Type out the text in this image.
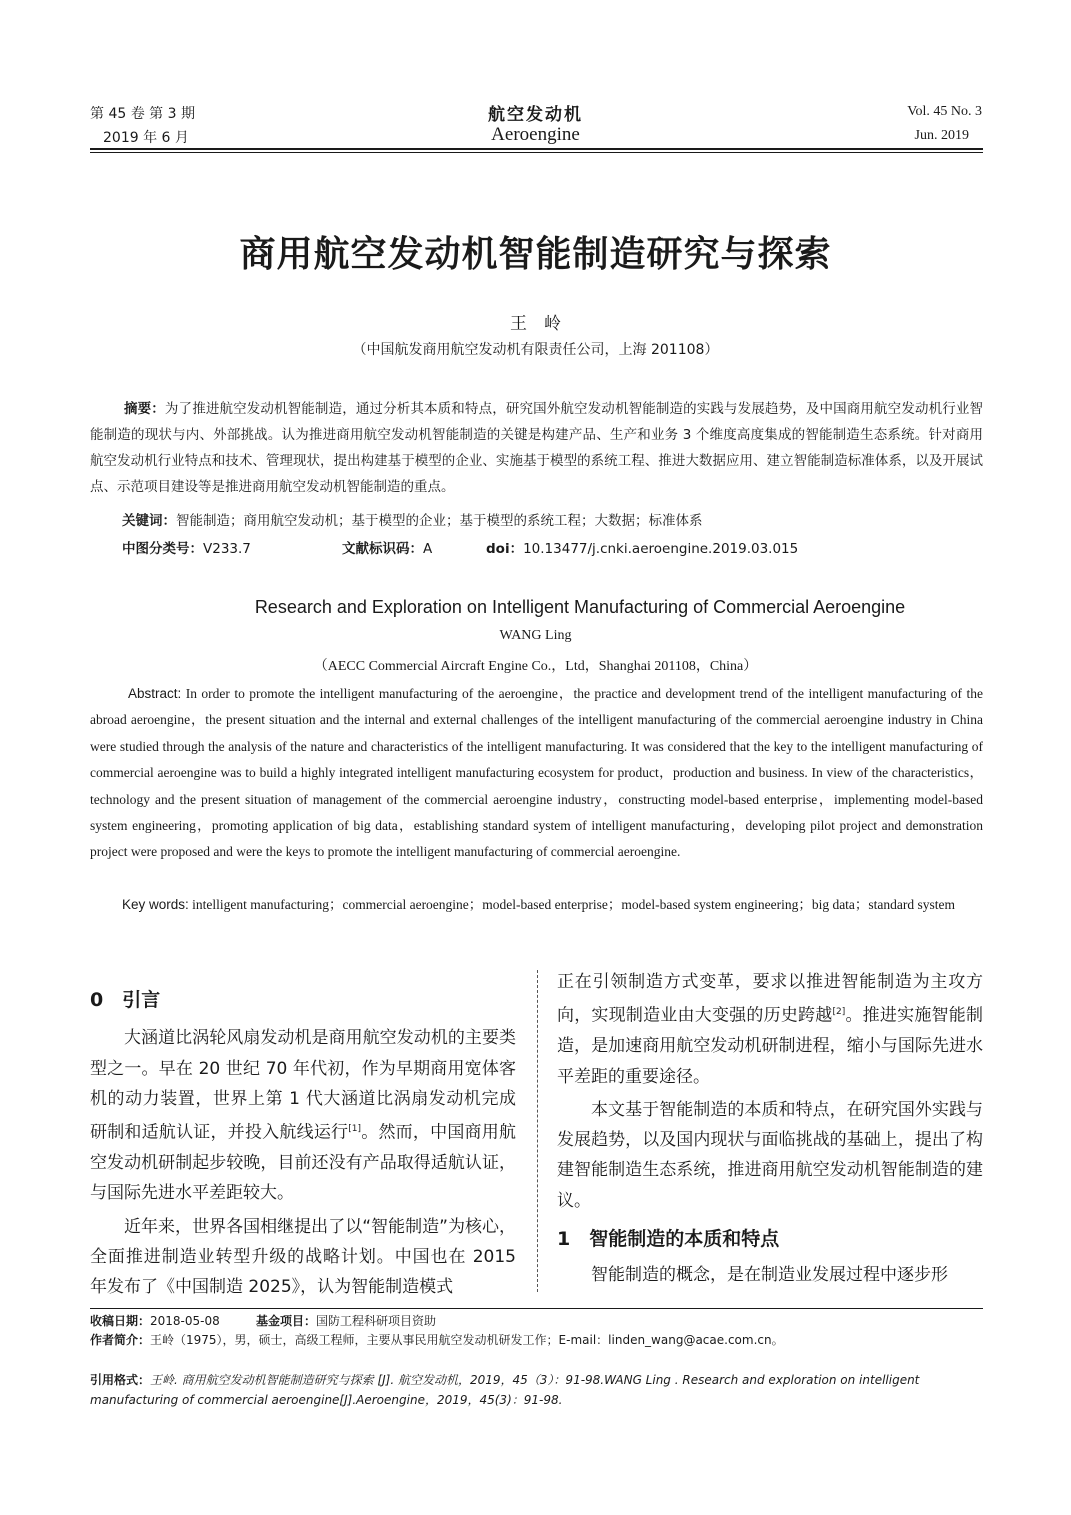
第 45 卷 第 3 期
2019 年 6 月
航空发动机
Aeroengine
Vol. 45 No. 3
Jun. 2019
商用航空发动机智能制造研究与探索
王　岭
（中国航发商用航空发动机有限责任公司，上海 201108）

摘要：为了推进航空发动机智能制造，通过分析其本质和特点，研究国外航空发动机智能制造的实践与发展趋势，及中国商用航空发动机行业智能制造的现状与内、外部挑战。认为推进商用航空发动机智能制造的关键是构建产品、生产和业务 3 个维度高度集成的智能制造生态系统。针对商用航空发动机行业特点和技术、管理现状，提出构建基于模型的企业、实施基于模型的系统工程、推进大数据应用、建立智能制造标准体系，以及开展试点、示范项目建设等是推进商用航空发动机智能制造的重点。

关键词：智能制造；商用航空发动机；基于模型的企业；基于模型的系统工程；大数据；标准体系
中图分类号：V233.7	文献标识码：A	doi：10.13477/j.cnki.aeroengine.2019.03.015
Research and Exploration on Intelligent Manufacturing of Commercial Aeroengine
WANG Ling
（AECC Commercial Aircraft Engine Co.，Ltd，Shanghai 201108，China）

Abstract: In order to promote the intelligent manufacturing of the aeroengine，the practice and development trend of the intelligent manufacturing of the abroad aeroengine，the present situation and the internal and external challenges of the intelligent manufacturing of the commercial aeroengine industry in China were studied through the analysis of the nature and characteristics of the intelligent manufacturing. It was considered that the key to the intelligent manufacturing of commercial aeroengine was to build a highly integrated intelligent manufacturing ecosystem for product，production and business. In view of the characteristics， technology and the present situation of management of the commercial aeroengine industry，constructing model-based enterprise，implementing model-based system engineering，promoting application of big data，establishing standard system of intelligent manufacturing，developing pilot project and demonstration project were proposed and were the keys to promote the intelligent manufacturing of commercial aeroengine.

Key words: intelligent manufacturing；commercial aeroengine；model-based enterprise；model-based system engineering；big data；standard system

0　引言

大涵道比涡轮风扇发动机是商用航空发动机的主要类型之一。早在 20 世纪 70 年代初，作为早期商用宽体客机的动力装置，世界上第 1 代大涵道比涡扇发动机完成研制和适航认证，并投入航线运行[1]。然而，中国商用航空发动机研制起步较晚，目前还没有产品取得适航认证，与国际先进水平差距较大。

近年来，世界各国相继提出了以“智能制造”为核心，全面推进制造业转型升级的战略计划。中国也在 2015 年发布了《中国制造 2025》，认为智能制造模式

正在引领制造方式变革，要求以推进智能制造为主攻方向，实现制造业由大变强的历史跨越[2]。推进实施智能制造，是加速商用航空发动机研制进程，缩小与国际先进水平差距的重要途径。

本文基于智能制造的本质和特点，在研究国外实践与发展趋势，以及国内现状与面临挑战的基础上，提出了构建智能制造生态系统，推进商用航空发动机智能制造的建议。

1　智能制造的本质和特点

智能制造的概念，是在制造业发展过程中逐步形

收稿日期：2018-05-08	基金项目：国防工程科研项目资助
作者简介：王岭（1975），男，硕士，高级工程师，主要从事民用航空发动机研发工作；E-mail：linden_wang@acae.com.cn。
引用格式：王岭. 商用航空发动机智能制造研究与探索 [J]. 航空发动机，2019，45（3）：91-98.WANG Ling . Research and exploration on intelligent manufacturing of commercial aeroengine[J].Aeroengine，2019，45(3)：91-98.
